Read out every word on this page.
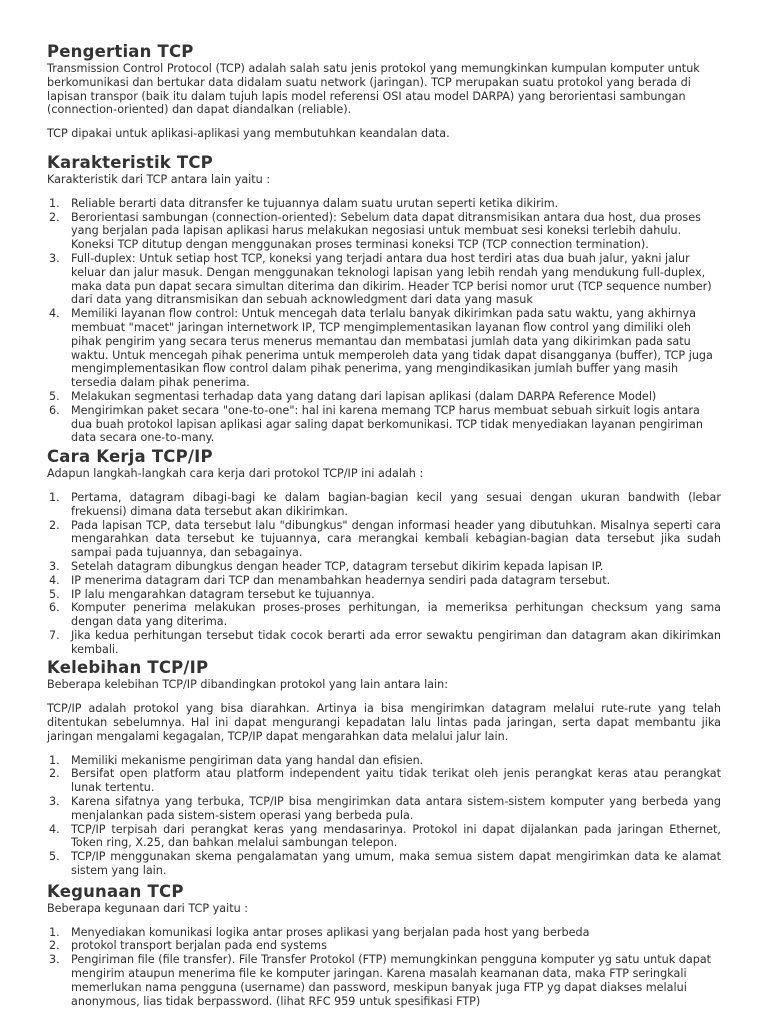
Pengertian TCP

Transmission Control Protocol (TCP) adalah salah satu jenis protokol yang memungkinkan kumpulan komputer untuk berkomunikasi dan bertukar data didalam suatu network (jaringan). TCP merupakan suatu protokol yang berada di lapisan transpor (baik itu dalam tujuh lapis model referensi OSI atau model DARPA) yang berorientasi sambungan (connection-oriented) dan dapat diandalkan (reliable).

TCP dipakai untuk aplikasi-aplikasi yang membutuhkan keandalan data.

Karakteristik TCP

Karakteristik dari TCP antara lain yaitu :

1. Reliable berarti data ditransfer ke tujuannya dalam suatu urutan seperti ketika dikirim.
2. Berorientasi sambungan (connection-oriented): Sebelum data dapat ditransmisikan antara dua host, dua proses yang berjalan pada lapisan aplikasi harus melakukan negosiasi untuk membuat sesi koneksi terlebih dahulu. Koneksi TCP ditutup dengan menggunakan proses terminasi koneksi TCP (TCP connection termination).
3. Full-duplex: Untuk setiap host TCP, koneksi yang terjadi antara dua host terdiri atas dua buah jalur, yakni jalur keluar dan jalur masuk. Dengan menggunakan teknologi lapisan yang lebih rendah yang mendukung full-duplex, maka data pun dapat secara simultan diterima dan dikirim. Header TCP berisi nomor urut (TCP sequence number) dari data yang ditransmisikan dan sebuah acknowledgment dari data yang masuk
4. Memiliki layanan flow control: Untuk mencegah data terlalu banyak dikirimkan pada satu waktu, yang akhirnya membuat "macet" jaringan internetwork IP, TCP mengimplementasikan layanan flow control yang dimiliki oleh pihak pengirim yang secara terus menerus memantau dan membatasi jumlah data yang dikirimkan pada satu waktu. Untuk mencegah pihak penerima untuk memperoleh data yang tidak dapat disangganya (buffer), TCP juga mengimplementasikan flow control dalam pihak penerima, yang mengindikasikan jumlah buffer yang masih tersedia dalam pihak penerima.
5. Melakukan segmentasi terhadap data yang datang dari lapisan aplikasi (dalam DARPA Reference Model)
6. Mengirimkan paket secara "one-to-one": hal ini karena memang TCP harus membuat sebuah sirkuit logis antara dua buah protokol lapisan aplikasi agar saling dapat berkomunikasi. TCP tidak menyediakan layanan pengiriman data secara one-to-many.
Cara Kerja TCP/IP

Adapun langkah-langkah cara kerja dari protokol TCP/IP ini adalah :

1. Pertama, datagram dibagi-bagi ke dalam bagian-bagian kecil yang sesuai dengan ukuran bandwith (lebar frekuensi) dimana data tersebut akan dikirimkan.
2. Pada lapisan TCP, data tersebut lalu "dibungkus" dengan informasi header yang dibutuhkan. Misalnya seperti cara mengarahkan data tersebut ke tujuannya, cara merangkai kembali kebagian-bagian data tersebut jika sudah sampai pada tujuannya, dan sebagainya.
3. Setelah datagram dibungkus dengan header TCP, datagram tersebut dikirim kepada lapisan IP.
4. IP menerima datagram dari TCP dan menambahkan headernya sendiri pada datagram tersebut.
5. IP lalu mengarahkan datagram tersebut ke tujuannya.
6. Komputer penerima melakukan proses-proses perhitungan, ia memeriksa perhitungan checksum yang sama dengan data yang diterima.
7. Jika kedua perhitungan tersebut tidak cocok berarti ada error sewaktu pengiriman dan datagram akan dikirimkan kembali.
Kelebihan TCP/IP

Beberapa kelebihan TCP/IP dibandingkan protokol yang lain antara lain:

TCP/IP adalah protokol yang bisa diarahkan. Artinya ia bisa mengirimkan datagram melalui rute-rute yang telah ditentukan sebelumnya. Hal ini dapat mengurangi kepadatan lalu lintas pada jaringan, serta dapat membantu jika jaringan mengalami kegagalan, TCP/IP dapat mengarahkan data melalui jalur lain.

1. Memiliki mekanisme pengiriman data yang handal dan efisien.
2. Bersifat open platform atau platform independent yaitu tidak terikat oleh jenis perangkat keras atau perangkat lunak tertentu.
3. Karena sifatnya yang terbuka, TCP/IP bisa mengirimkan data antara sistem-sistem komputer yang berbeda yang menjalankan pada sistem-sistem operasi yang berbeda pula.
4. TCP/IP terpisah dari perangkat keras yang mendasarinya. Protokol ini dapat dijalankan pada jaringan Ethernet, Token ring, X.25, dan bahkan melalui sambungan telepon.
5. TCP/IP menggunakan skema pengalamatan yang umum, maka semua sistem dapat mengirimkan data ke alamat sistem yang lain.
Kegunaan TCP

Beberapa kegunaan dari TCP yaitu :

1. Menyediakan komunikasi logika antar proses aplikasi yang berjalan pada host yang berbeda
2. protokol transport berjalan pada end systems
3. Pengiriman file (file transfer). File Transfer Protokol (FTP) memungkinkan pengguna komputer yg satu untuk dapat mengirim ataupun menerima file ke komputer jaringan. Karena masalah keamanan data, maka FTP seringkali memerlukan nama pengguna (username) dan password, meskipun banyak juga FTP yg dapat diakses melalui anonymous, lias tidak berpassword. (lihat RFC 959 untuk spesifikasi FTP)
